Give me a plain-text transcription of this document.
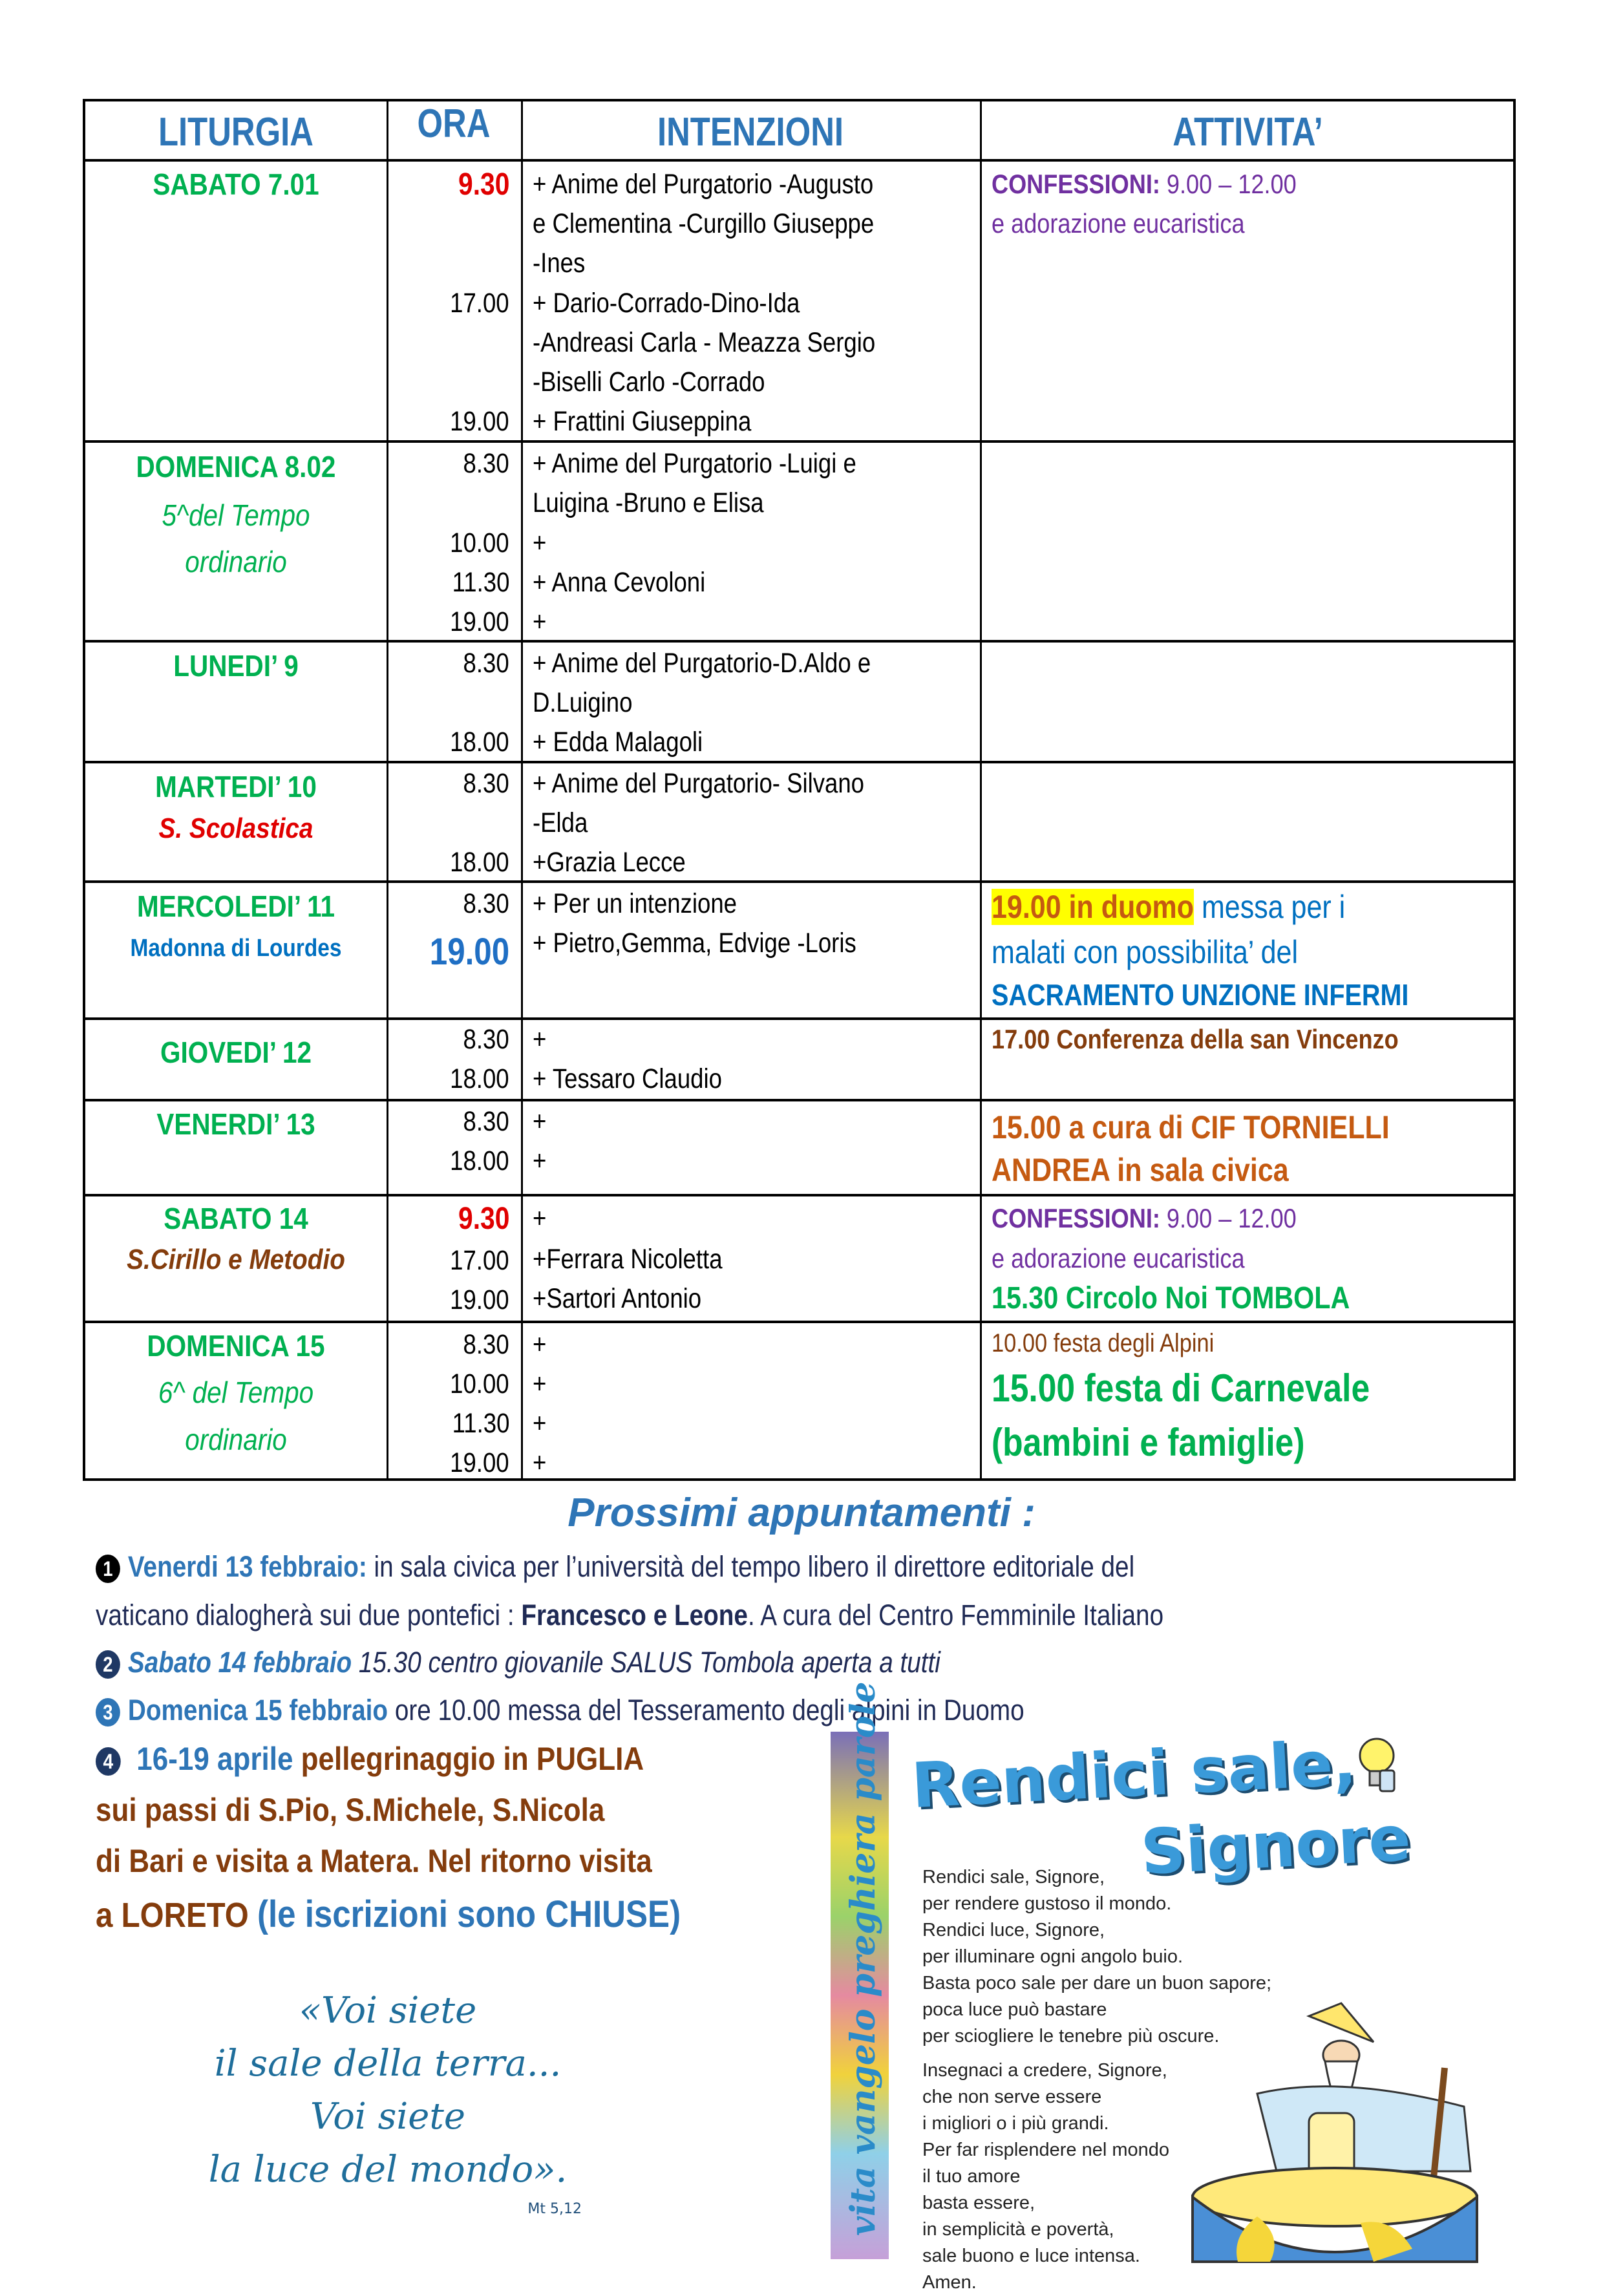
LITURGIA	ORA	INTENZIONI	ATTIVITA’
SABATO 7.01	9.30
17.00
19.00
+ Anime del Purgatorio -Augusto
e Clementina -Curgillo Giuseppe
-Ines
+ Dario-Corrado-Dino-Ida
-Andreasi Carla - Meazza Sergio
-Biselli Carlo -Corrado
+ Frattini Giuseppina
CONFESSIONI: 9.00 – 12.00
e adorazione eucaristica
DOMENICA 8.02
5^del Tempo
ordinario
8.30
10.00
11.30
19.00
+ Anime del Purgatorio -Luigi e
Luigina -Bruno e Elisa
+
+ Anna Cevoloni
+
LUNEDI’ 9	8.30
18.00
+ Anime del Purgatorio-D.Aldo e
D.Luigino
+ Edda Malagoli
MARTEDI’ 10
S. Scolastica
8.30
18.00
+ Anime del Purgatorio- Silvano
-Elda
+Grazia Lecce
MERCOLEDI’ 11
Madonna di Lourdes
8.30
19.00
+ Per un intenzione
+ Pietro,Gemma, Edvige -Loris
19.00 in duomo messa per i
malati con possibilita’ del
SACRAMENTO UNZIONE INFERMI
GIOVEDI’ 12	8.30
18.00
+
+ Tessaro Claudio
17.00 Conferenza della san Vincenzo
VENERDI’ 13	8.30
18.00
+
+
15.00 a cura di CIF TORNIELLI
ANDREA in sala civica
SABATO 14
S.Cirillo e Metodio
9.30
17.00
19.00
+
+Ferrara Nicoletta
+Sartori Antonio
CONFESSIONI: 9.00 – 12.00
e adorazione eucaristica
15.30 Circolo Noi TOMBOLA
DOMENICA 15
6^ del Tempo
ordinario
8.30
10.00
11.30
19.00
+
+
+
+
10.00 festa degli Alpini
15.00 festa di Carnevale
(bambini e famiglie)
Prossimi appuntamenti :
1 Venerdi 13 febbraio: in sala civica per l’università del tempo libero il direttore editoriale del
vaticano dialogherà sui due pontefici : Francesco e Leone. A cura del Centro Femminile Italiano
2 Sabato 14 febbraio 15.30 centro giovanile SALUS Tombola aperta a tutti
3 Domenica 15 febbraio ore 10.00 messa del Tesseramento degli alpini in Duomo
4 16-19 aprile pellegrinaggio in PUGLIA
sui passi di S.Pio, S.Michele, S.Nicola
di Bari e visita a Matera. Nel ritorno visita
a LORETO (le iscrizioni sono CHIUSE)	vita vangelo preghiera parole Rendici sale,
Signore
Rendici sale, Signore,
per rendere gustoso il mondo.
Rendici luce, Signore,
per illuminare ogni angolo buio.
Basta poco sale per dare un buon sapore;
poca luce può bastare
per sciogliere le tenebre più oscure.
Insegnaci a credere, Signore,
che non serve essere
i migliori o i più grandi.
Per far risplendere nel mondo
il tuo amore
basta essere,
in semplicità e povertà,
sale buono e luce intensa.
Amen.
«Voi siete
il sale della terra...
Voi siete
la luce del mondo».
Mt 5,12
